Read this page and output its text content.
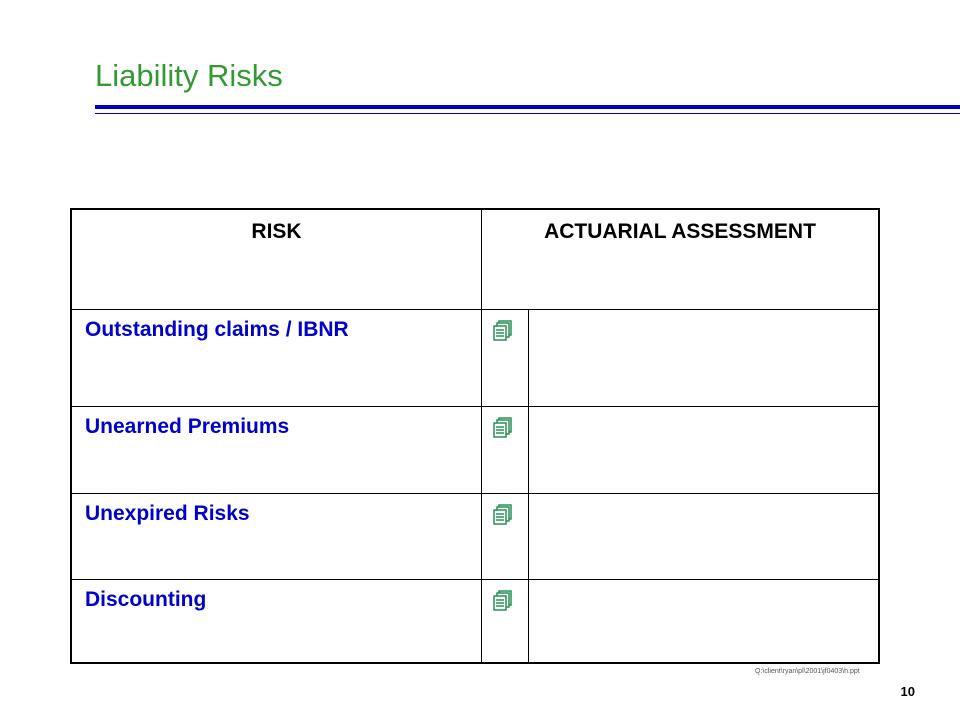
Liability Risks
RISK	ACTUARIAL ASSESSMENT
Outstanding claims / IBNR
Unearned Premiums
Unexpired Risks
Discounting
Q:\client\ryan\pl\2001\jf0403\h.ppt
10
